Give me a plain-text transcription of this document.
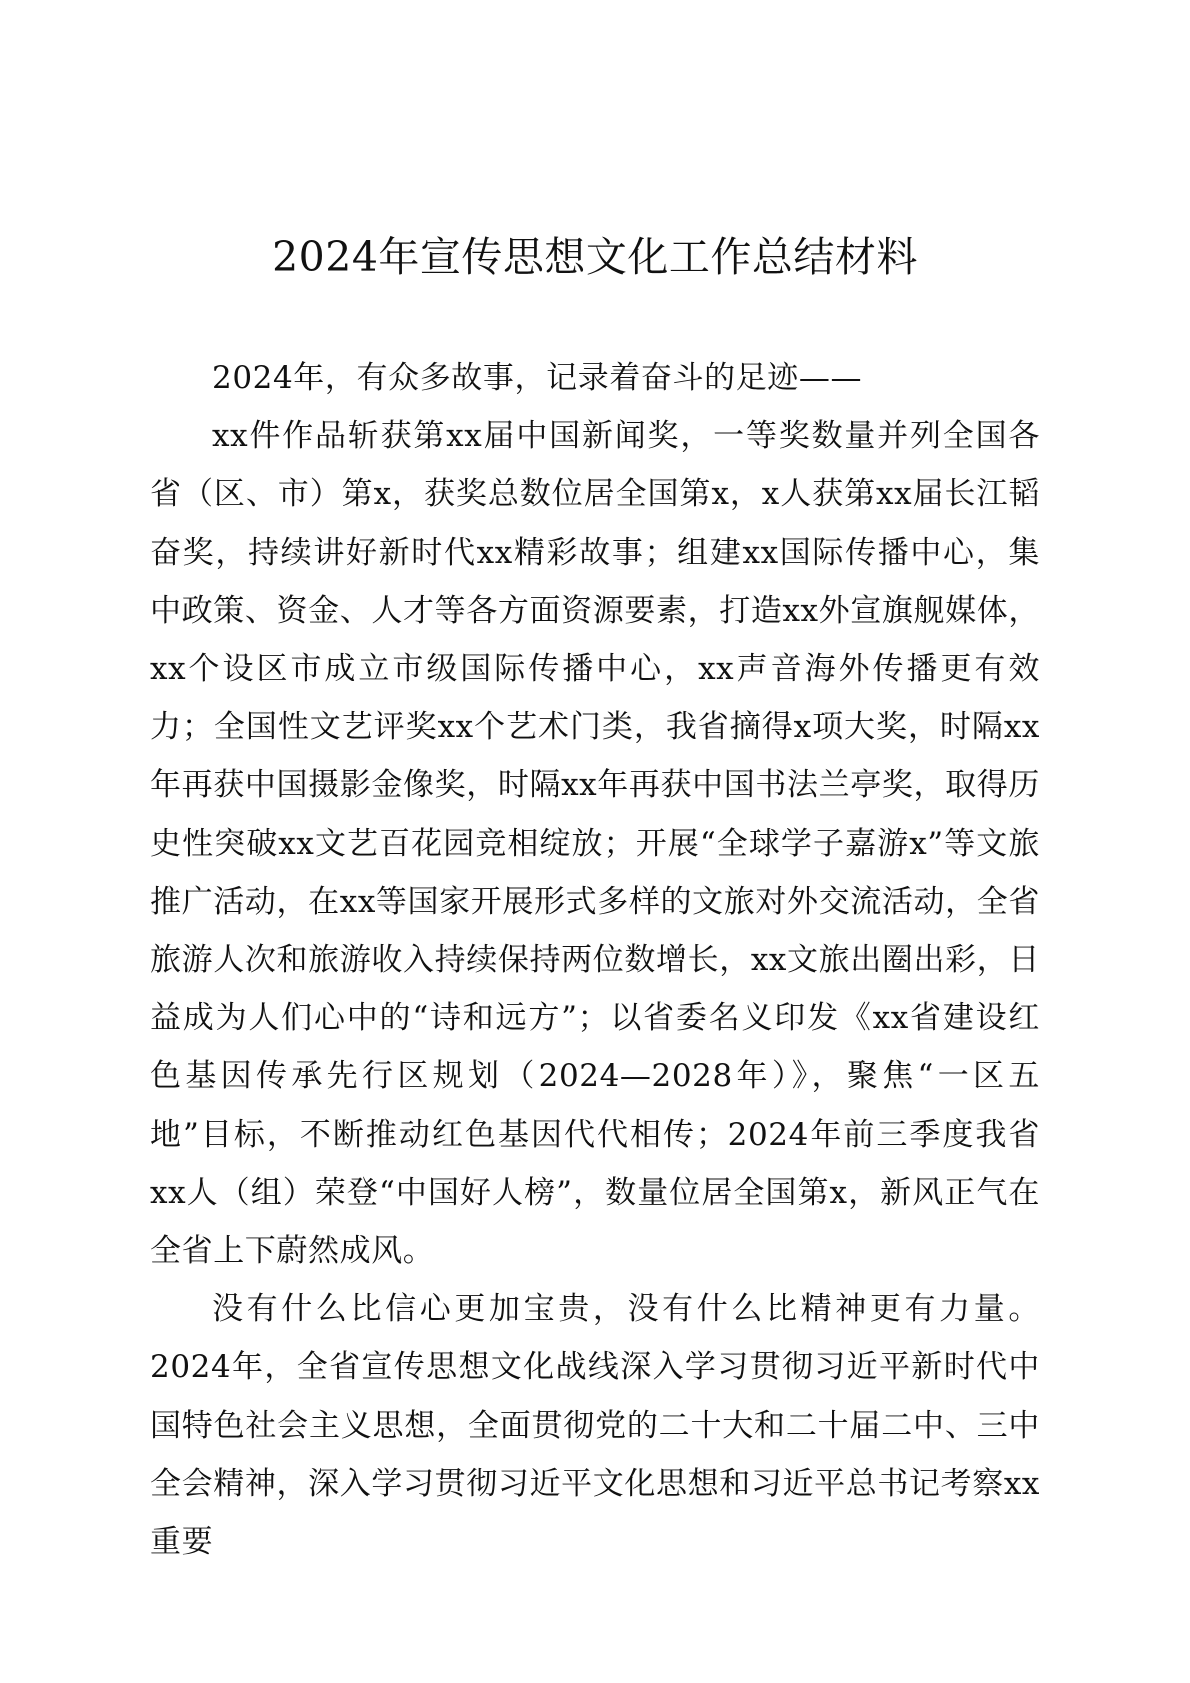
2024年宣传思想文化工作总结材料

2024年，有众多故事，记录着奋斗的足迹——

xx件作品斩获第xx届中国新闻奖，一等奖数量并列全国各省（区、市）第x，获奖总数位居全国第x，x人获第xx届长江韬奋奖，持续讲好新时代xx精彩故事；组建xx国际传播中心，集中政策、资金、人才等各方面资源要素，打造xx外宣旗舰媒体，xx个设区市成立市级国际传播中心，xx声音海外传播更有效力；全国性文艺评奖xx个艺术门类，我省摘得x项大奖，时隔xx年再获中国摄影金像奖，时隔xx年再获中国书法兰亭奖，取得历史性突破xx文艺百花园竞相绽放；开展“全球学子嘉游x”等文旅推广活动，在xx等国家开展形式多样的文旅对外交流活动，全省旅游人次和旅游收入持续保持两位数增长，xx文旅出圈出彩，日益成为人们心中的“诗和远方”；以省委名义印发《xx省建设红色基因传承先行区规划（2024—2028年）》，聚焦“一区五地”目标，不断推动红色基因代代相传；2024年前三季度我省xx人（组）荣登“中国好人榜”，数量位居全国第x，新风正气在全省上下蔚然成风。

没有什么比信心更加宝贵，没有什么比精神更有力量。2024年，全省宣传思想文化战线深入学习贯彻习近平新时代中国特色社会主义思想，全面贯彻党的二十大和二十届二中、三中全会精神，深入学习贯彻习近平文化思想和习近平总书记考察xx重要
